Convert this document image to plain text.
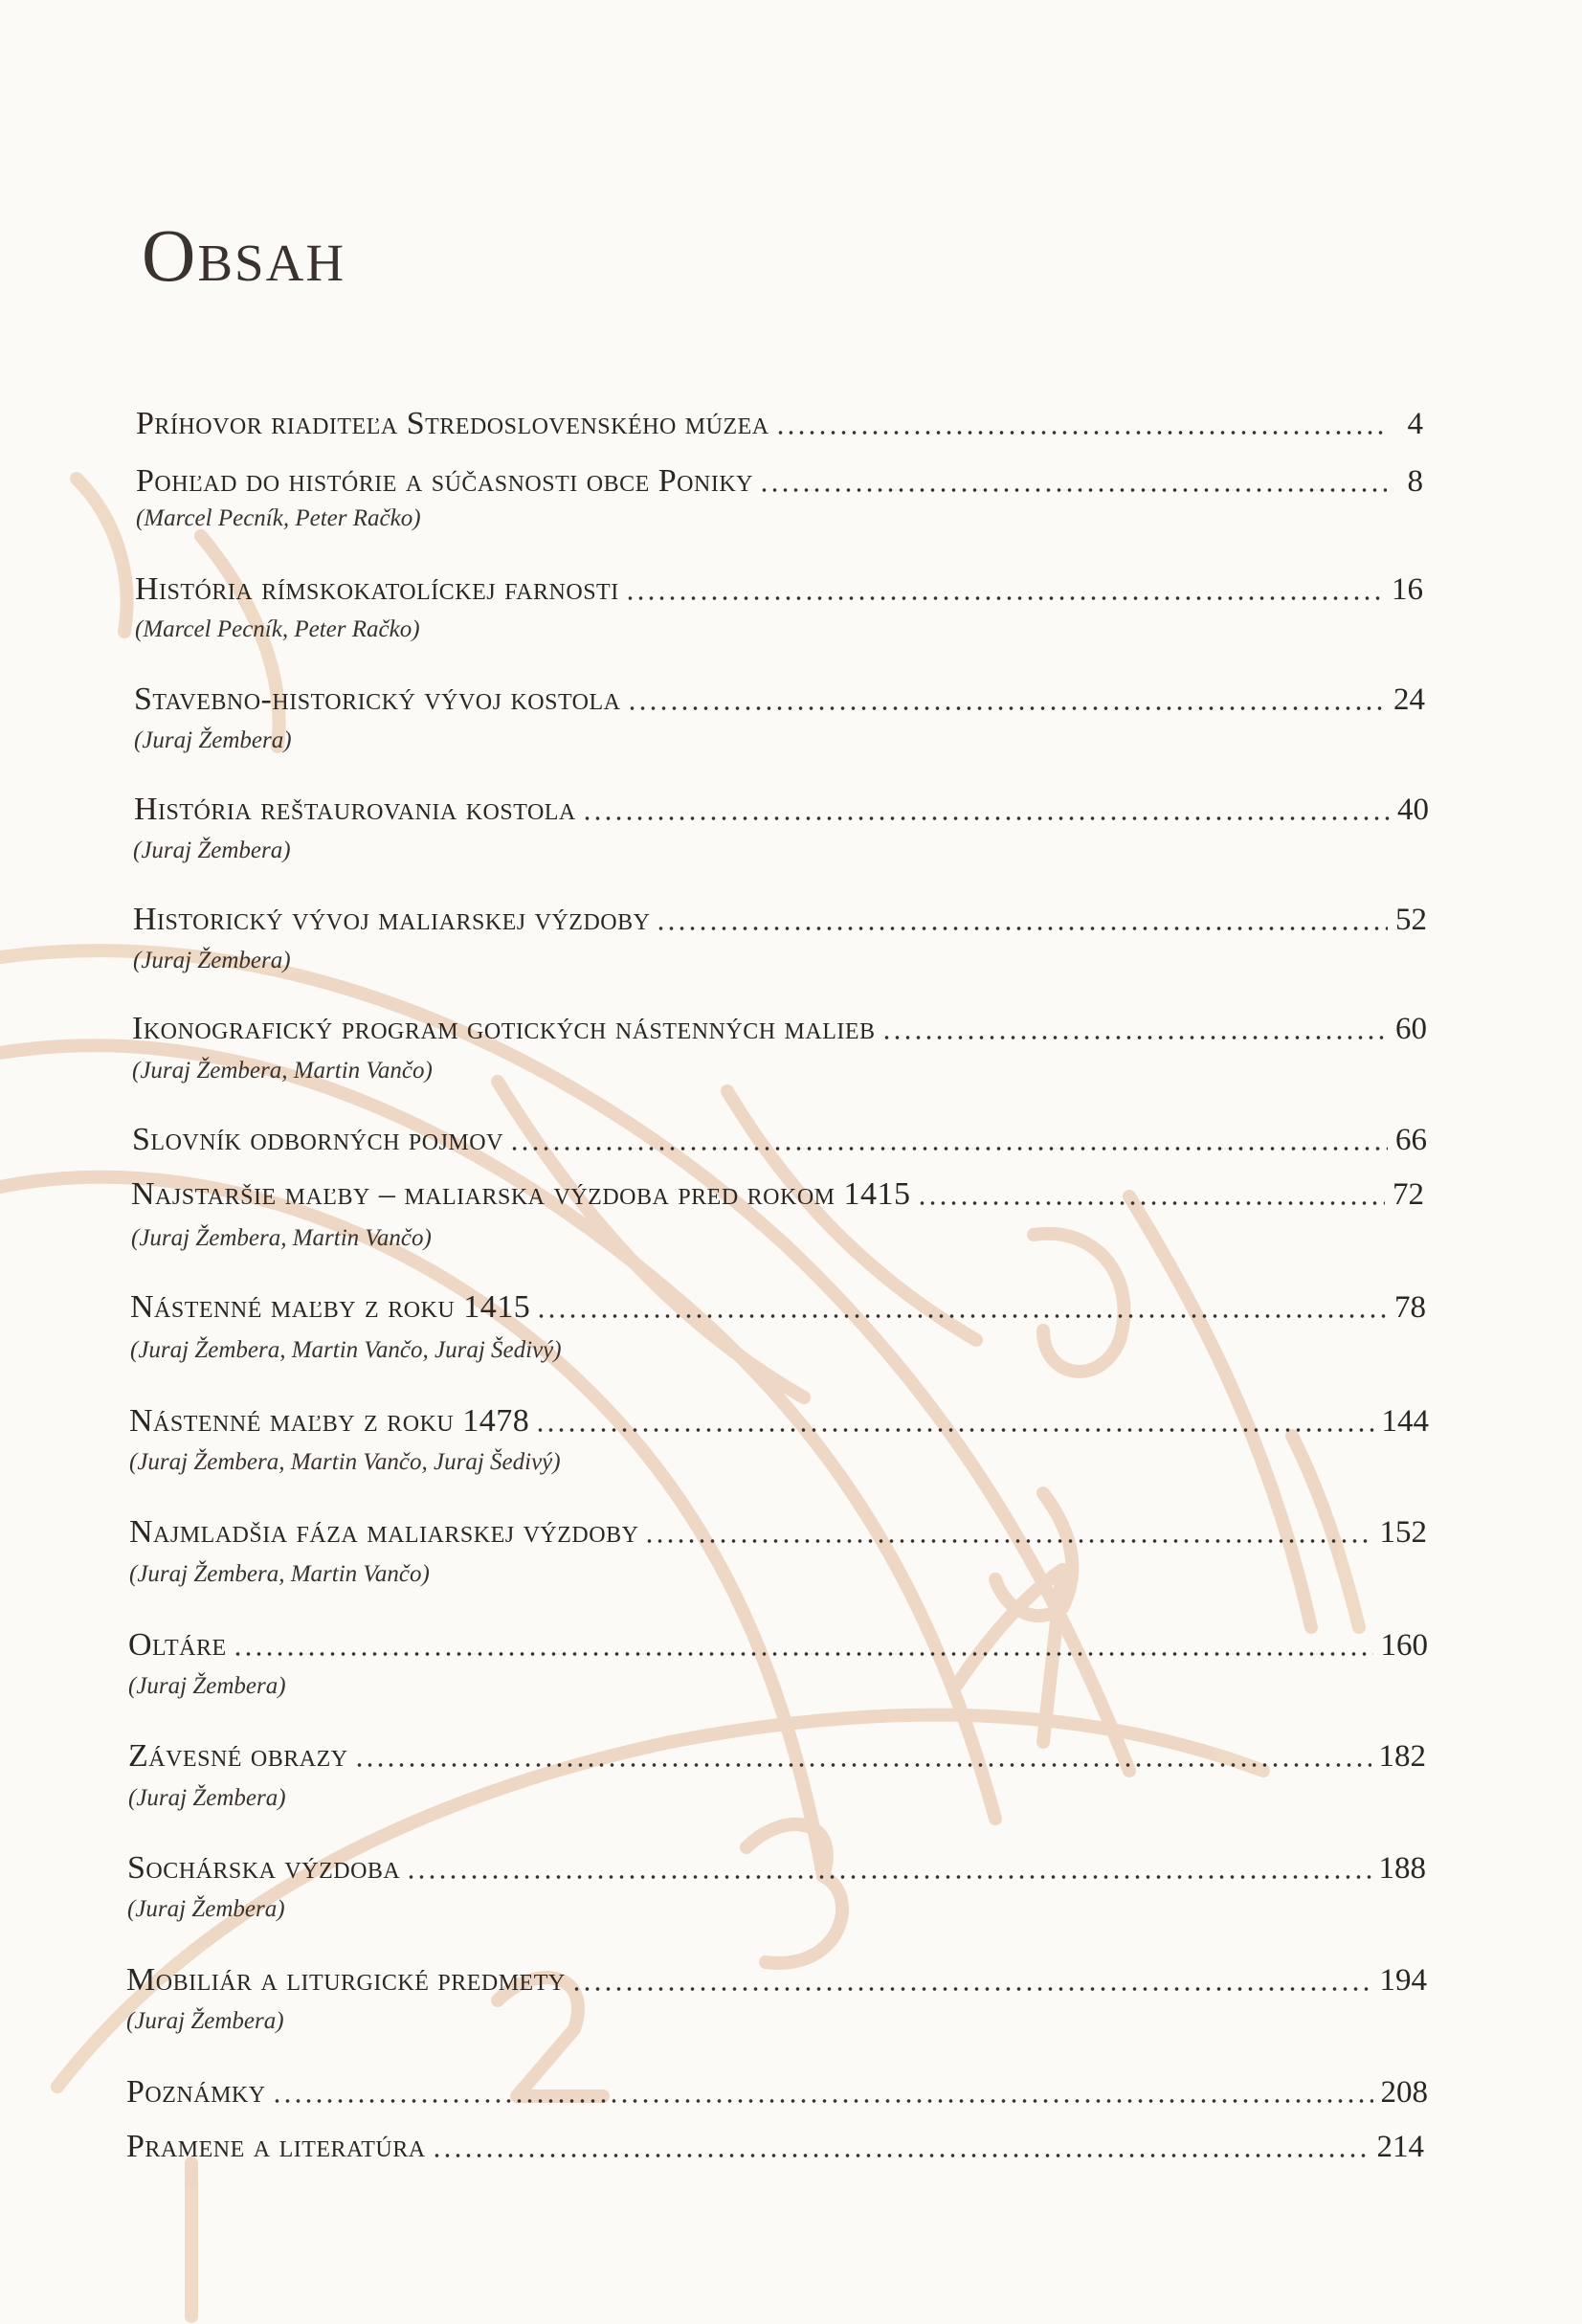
Obsah
Príhovor riaditeľa Stredoslovenského múzea	4
Pohľad do histórie a súčasnosti obce Poniky	8
(Marcel Pecník, Peter Račko)
História rímskokatolíckej farnosti	16
(Marcel Pecník, Peter Račko)
Stavebno-historický vývoj kostola	24
(Juraj Žembera)
História reštaurovania kostola	40
(Juraj Žembera)
Historický vývoj maliarskej výzdoby	52
(Juraj Žembera)
Ikonografický program gotických nástenných malieb	60
(Juraj Žembera, Martin Vančo)
Slovník odborných pojmov	66
Najstaršie maľby – maliarska výzdoba pred rokom 1415	72
(Juraj Žembera, Martin Vančo)
Nástenné maľby z roku 1415	78
(Juraj Žembera, Martin Vančo, Juraj Šedivý)
Nástenné maľby z roku 1478	144
(Juraj Žembera, Martin Vančo, Juraj Šedivý)
Najmladšia fáza maliarskej výzdoby	152
(Juraj Žembera, Martin Vančo)
Oltáre	160
(Juraj Žembera)
Závesné obrazy	182
(Juraj Žembera)
Sochárska výzdoba	188
(Juraj Žembera)
Mobiliár a liturgické predmety	194
(Juraj Žembera)
Poznámky	208
Pramene a literatúra	214
